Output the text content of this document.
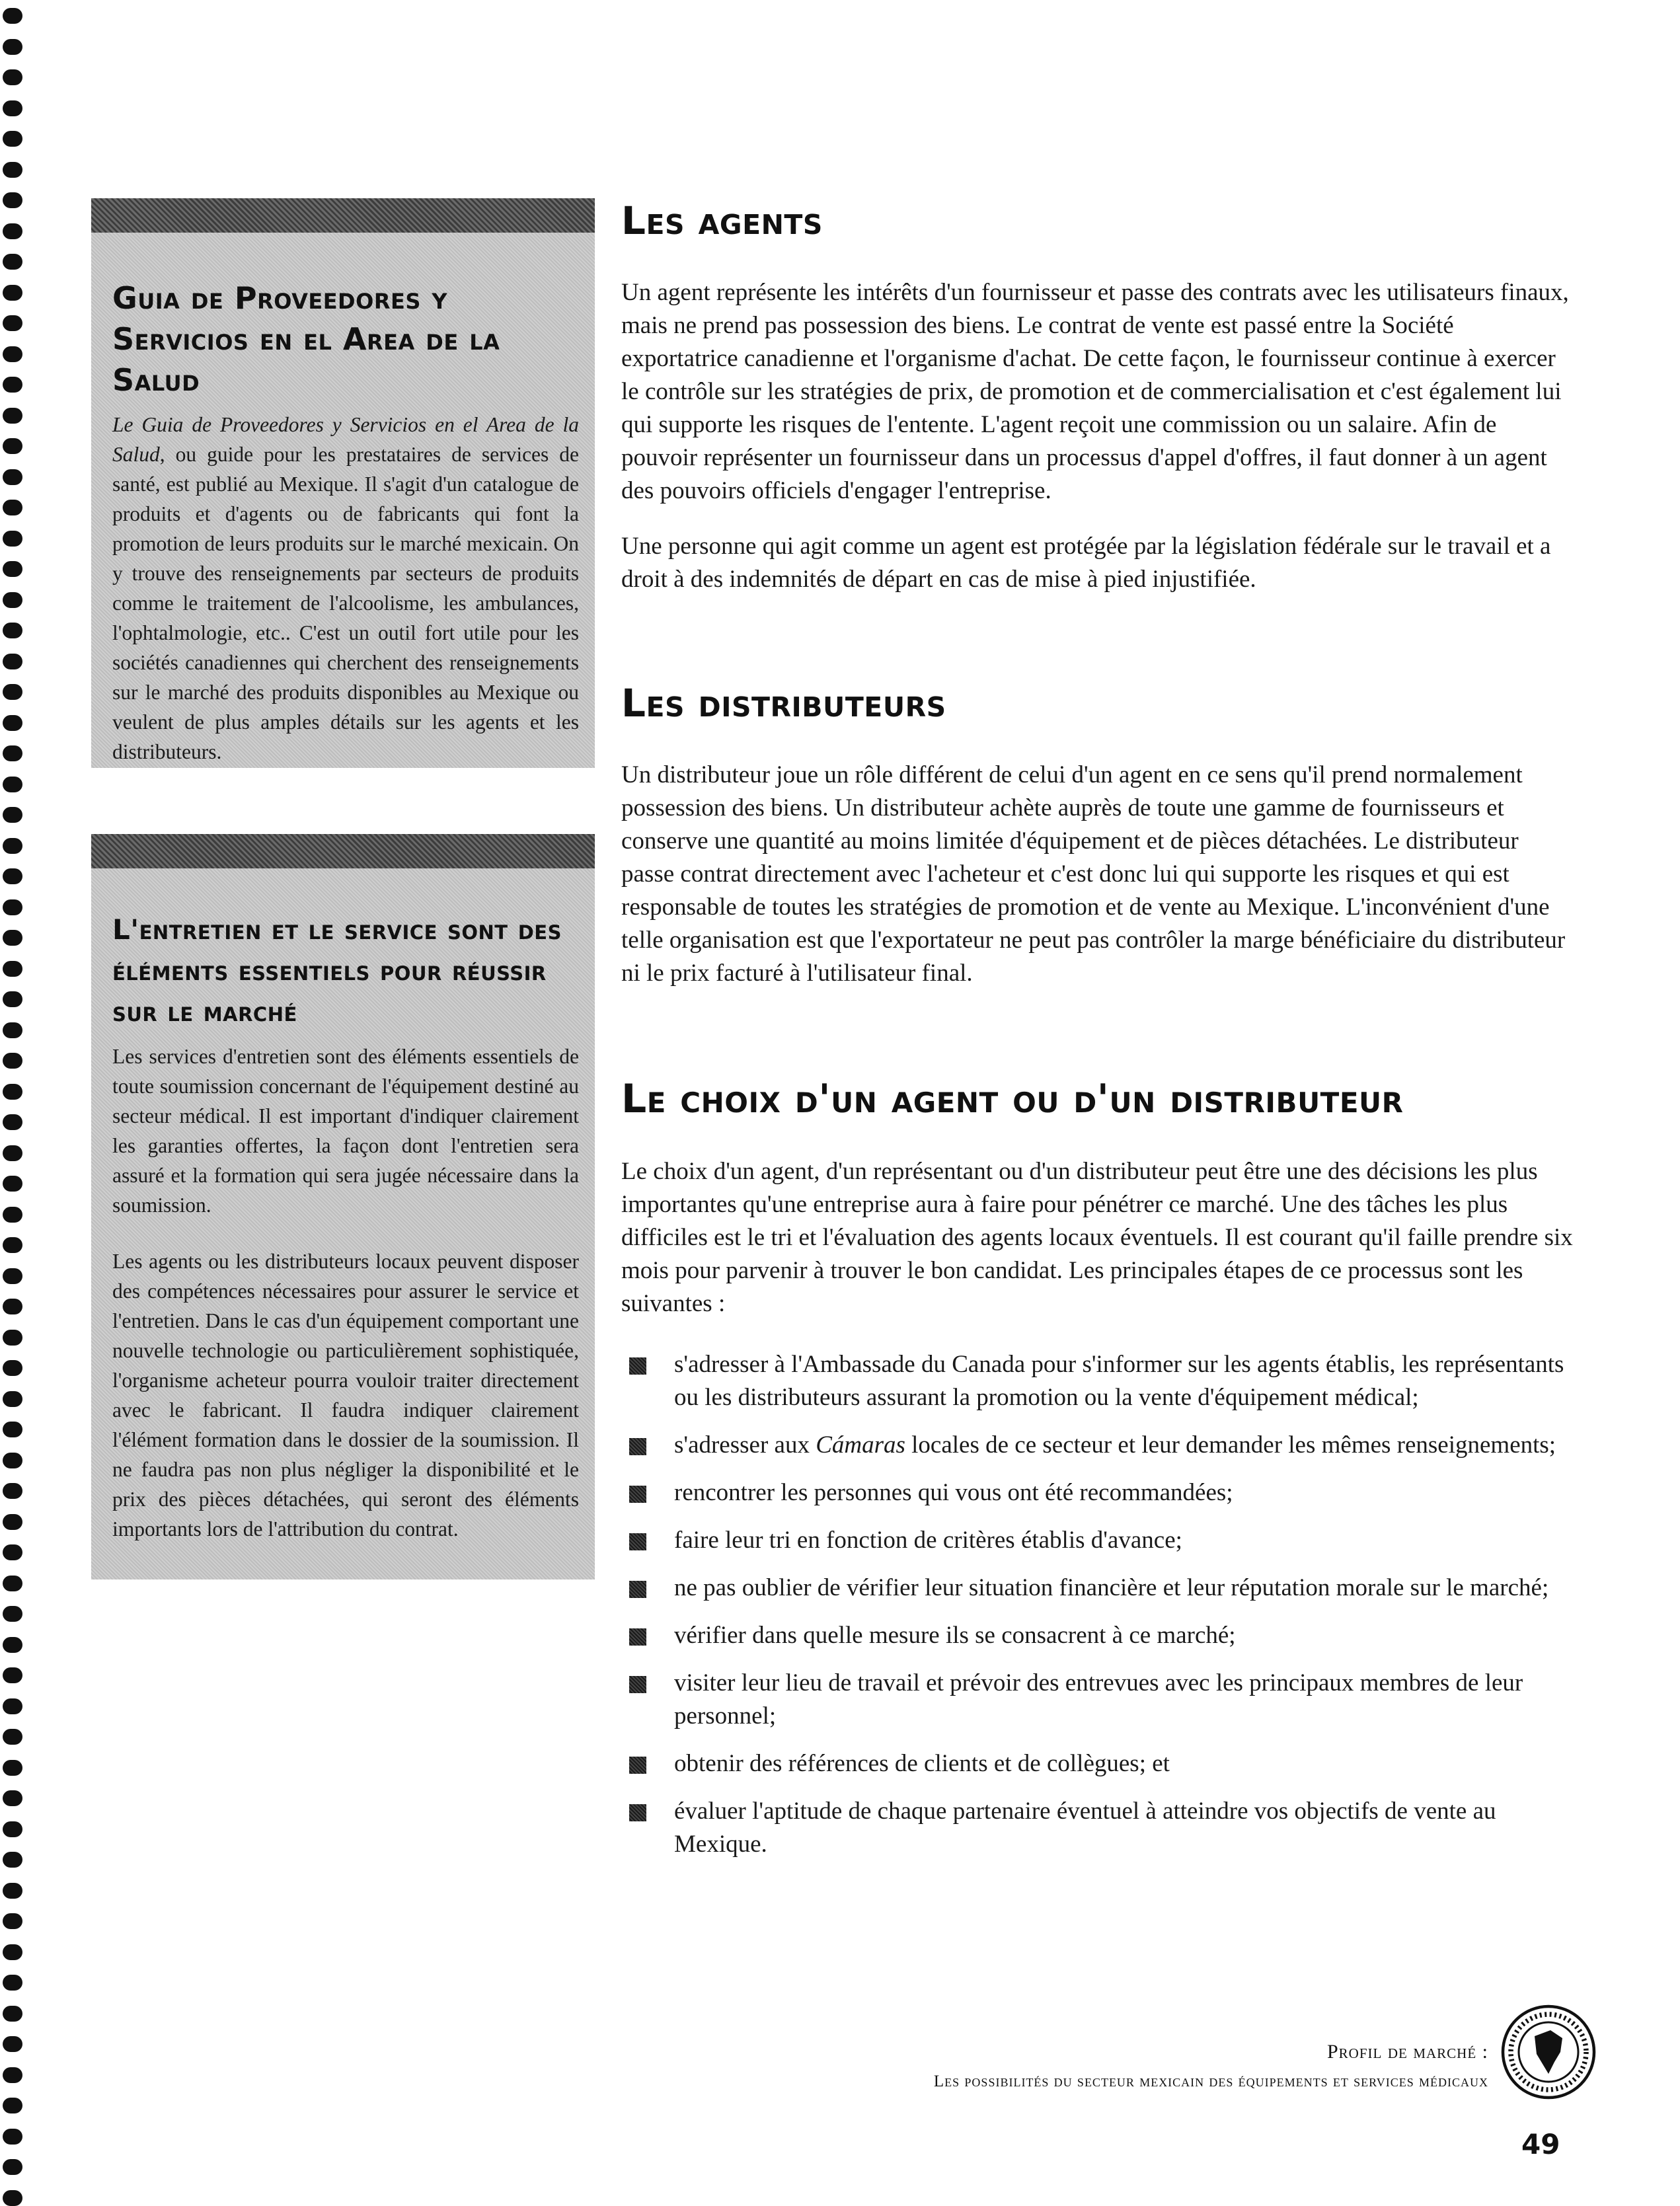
Guia de Proveedores y
Servicios en el Area de la
Salud

Le Guia de Proveedores y Servicios en el Area de la Salud, ou guide pour les prestataires de services de santé, est publié au Mexique. Il s'agit d'un catalogue de produits et d'agents ou de fabricants qui font la promotion de leurs produits sur le marché mexicain. On y trouve des renseignements par secteurs de produits comme le traitement de l'alcoolisme, les ambulances, l'ophtalmologie, etc.. C'est un outil fort utile pour les sociétés canadiennes qui cherchent des renseignements sur le marché des produits disponibles au Mexique ou veulent de plus amples détails sur les agents et les distributeurs.

L'entretien et le service sont des
éléments essentiels pour réussir
sur le marché

Les services d'entretien sont des éléments essentiels de toute soumission concernant de l'équipement destiné au secteur médical. Il est important d'indiquer clairement les garanties offertes, la façon dont l'entretien sera assuré et la formation qui sera jugée nécessaire dans la soumission.

Les agents ou les distributeurs locaux peuvent disposer des compétences nécessaires pour assurer le service et l'entretien. Dans le cas d'un équipement comportant une nouvelle technologie ou particulièrement sophistiquée, l'organisme acheteur pourra vouloir traiter directement avec le fabricant. Il faudra indiquer clairement l'élément formation dans le dossier de la soumission. Il ne faudra pas non plus négliger la disponibilité et le prix des pièces détachées, qui seront des éléments importants lors de l'attribution du contrat.

Les agents

Un agent représente les intérêts d'un fournisseur et passe des contrats avec les utilisateurs finaux, mais ne prend pas possession des biens. Le contrat de vente est passé entre la Société exportatrice canadienne et l'organisme d'achat. De cette façon, le fournisseur continue à exercer le contrôle sur les stratégies de prix, de promotion et de commercialisation et c'est également lui qui supporte les risques de l'entente. L'agent reçoit une commission ou un salaire. Afin de pouvoir représenter un fournisseur dans un processus d'appel d'offres, il faut donner à un agent des pouvoirs officiels d'engager l'entreprise.

Une personne qui agit comme un agent est protégée par la législation fédérale sur le travail et a droit à des indemnités de départ en cas de mise à pied injustifiée.

Les distributeurs

Un distributeur joue un rôle différent de celui d'un agent en ce sens qu'il prend normalement possession des biens. Un distributeur achète auprès de toute une gamme de fournisseurs et conserve une quantité au moins limitée d'équipement et de pièces détachées. Le distributeur passe contrat directement avec l'acheteur et c'est donc lui qui supporte les risques et qui est responsable de toutes les stratégies de promotion et de vente au Mexique. L'inconvénient d'une telle organisation est que l'exportateur ne peut pas contrôler la marge bénéficiaire du distributeur ni le prix facturé à l'utilisateur final.

Le choix d'un agent ou d'un distributeur

Le choix d'un agent, d'un représentant ou d'un distributeur peut être une des décisions les plus importantes qu'une entreprise aura à faire pour pénétrer ce marché. Une des tâches les plus difficiles est le tri et l'évaluation des agents locaux éventuels. Il est courant qu'il faille prendre six mois pour parvenir à trouver le bon candidat. Les principales étapes de ce processus sont les suivantes :

s'adresser à l'Ambassade du Canada pour s'informer sur les agents établis, les représentants ou les distributeurs assurant la promotion ou la vente d'équipement médical;
s'adresser aux Cámaras locales de ce secteur et leur demander les mêmes renseignements;
rencontrer les personnes qui vous ont été recommandées;
faire leur tri en fonction de critères établis d'avance;
ne pas oublier de vérifier leur situation financière et leur réputation morale sur le marché;
vérifier dans quelle mesure ils se consacrent à ce marché;
visiter leur lieu de travail et prévoir des entrevues avec les principaux membres de leur personnel;
obtenir des références de clients et de collègues; et
évaluer l'aptitude de chaque partenaire éventuel à atteindre vos objectifs de vente au Mexique.
Profil de marché :
Les possibilités du secteur mexicain des équipements et services médicaux
49
